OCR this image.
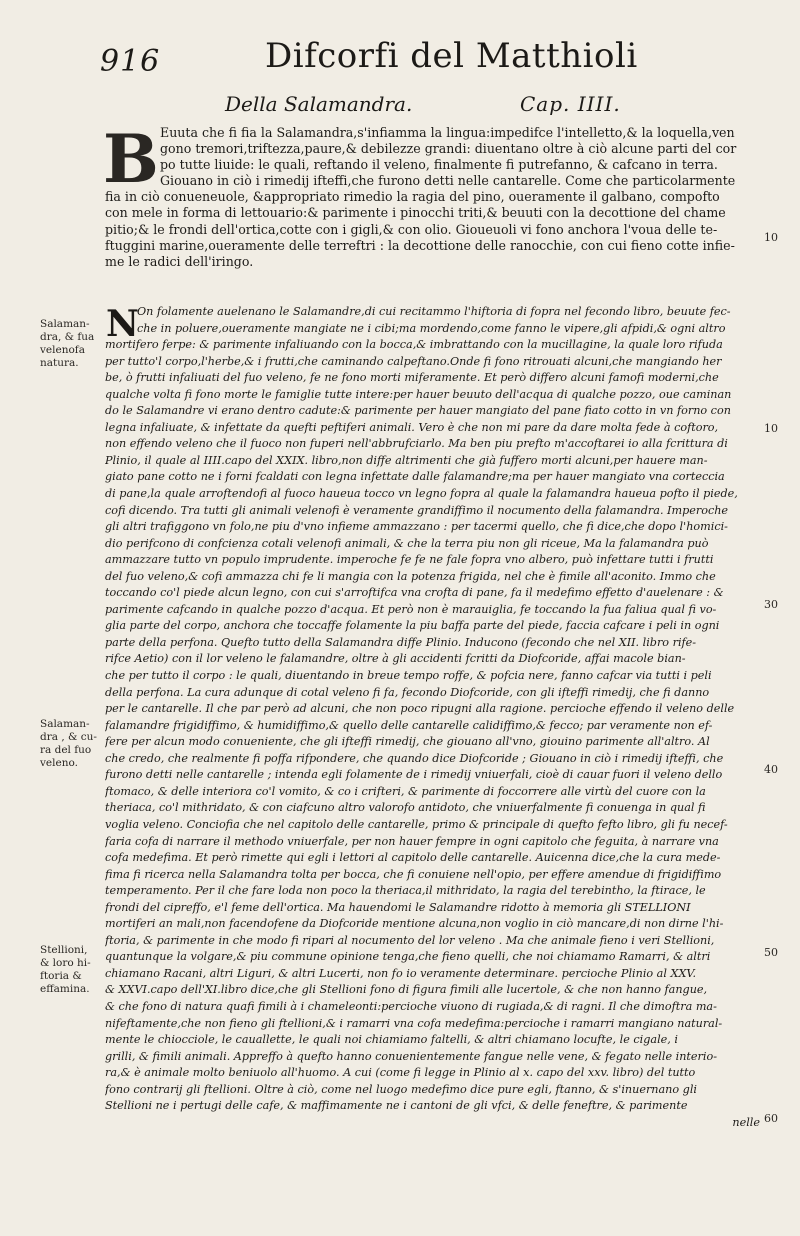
916	Difcorfi del Matthioli
Della Salamandra.	Cap. IIII.
B Euuta che fi fia la Salamandra,s'infiamma la lingua:impedifce l'intelletto,& la loquella,ven
gono tremori,triftezza,paure,& debilezze grandi: diuentano oltre à ciò alcune parti del cor
po tutte liuide: le quali, reftando il veleno, finalmente fi putrefanno, & cafcano in terra.
Giouano in ciò i rimedij ifteffi,che furono detti nelle cantarelle. Come che particolarmente
fia in ciò conueneuole, &appropriato rimedio la ragia del pino, oueramente il galbano, compofto
con mele in forma di lettouario:& parimente i pinocchi triti,& beuuti con la decottione del chame
pitio;& le frondi dell'ortica,cotte con i gigli,& con olio. Gioueuoli vi fono anchora l'voua delle te-
ftuggini marine,oueramente delle terreftri : la decottione delle ranocchie, con cui fieno cotte infie-
me le radici dell'iringo.
N
On folamente auelenano le Salamandre,di cui recitammo l'hiftoria di fopra nel fecondo libro, beuute fec-
che in poluere,oueramente mangiate ne i cibi;ma mordendo,come fanno le vipere,gli afpidi,& ogni altro
mortifero ferpe: & parimente infaliuando con la bocca,& imbrattando con la mucillagine, la quale loro rifuda
per tutto'l corpo,l'herbe,& i frutti,che caminando calpeftano.Onde fi fono ritrouati alcuni,che mangiando her
be, ò frutti infaliuati del fuo veleno, fe ne fono morti miferamente. Et però differo alcuni famofi moderni,che
qualche volta fi fono morte le famiglie tutte intere:per hauer beuuto dell'acqua di qualche pozzo, oue caminan
do le Salamandre vi erano dentro cadute:& parimente per hauer mangiato del pane fiato cotto in vn forno con
legna infaliuate, & infettate da quefti peftiferi animali. Vero è che non mi pare da dare molta fede à coftoro,
non effendo veleno che il fuoco non fuperi nell'abbrufciarlo. Ma ben piu prefto m'accoftarei io alla fcrittura di
Plinio, il quale al IIII.capo del XXIX. libro,non diffe altrimenti che già fuffero morti alcuni,per hauere man-
giato pane cotto ne i forni fcaldati con legna infettate dalle falamandre;ma per hauer mangiato vna corteccia
di pane,la quale arroftendofi al fuoco haueua tocco vn legno fopra al quale la falamandra haueua pofto il piede,
cofi dicendo. Tra tutti gli animali velenofi è veramente grandiffimo il nocumento della falamandra. Imperoche
gli altri trafiggono vn folo,ne piu d'vno infieme ammazzano : per tacermi quello, che fi dice,che dopo l'homici-
dio perifcono di confcienza cotali velenofi animali, & che la terra piu non gli riceue, Ma la falamandra può
ammazzare tutto vn populo imprudente. imperoche fe fe ne fale fopra vno albero, può infettare tutti i frutti
del fuo veleno,& cofi ammazza chi fe li mangia con la potenza frigida, nel che è fimile all'aconito. Immo che
toccando co'l piede alcun legno, con cui s'arroftifca vna crofta di pane, fa il medefimo effetto d'auelenare : &
parimente cafcando in qualche pozzo d'acqua. Et però non è marauiglia, fe toccando la fua faliua qual fi vo-
glia parte del corpo, anchora che toccaffe folamente la piu baffa parte del piede, faccia cafcare i peli in ogni
parte della perfona. Quefto tutto della Salamandra diffe Plinio. Inducono (fecondo che nel XII. libro rife-
rifce Aetio) con il lor veleno le falamandre, oltre à gli accidenti fcritti da Diofcoride, affai macole bian-
che per tutto il corpo : le quali, diuentando in breue tempo roffe, & pofcia nere, fanno cafcar via tutti i peli
della perfona. La cura adunque di cotal veleno fi fa, fecondo Diofcoride, con gli ifteffi rimedij, che fi danno
per le cantarelle. Il che par però ad alcuni, che non poco ripugni alla ragione. percioche effendo il veleno delle
falamandre frigidiffimo, & humidiffimo,& quello delle cantarelle calidiffimo,& fecco; par veramente non ef-
fere per alcun modo conueniente, che gli ifteffi rimedij, che giouano all'vno, giouino parimente all'altro. Al
che credo, che realmente fi poffa rifpondere, che quando dice Diofcoride ; Giouano in ciò i rimedij ifteffi, che
furono detti nelle cantarelle ; intenda egli folamente de i rimedij vniuerfali, cioè di cauar fuori il veleno dello
ftomaco, & delle interiora co'l vomito, & co i crifteri, & parimente di foccorrere alle virtù del cuore con la
theriaca, co'l mithridato, & con ciafcuno altro valorofo antidoto, che vniuerfalmente fi conuenga in qual fi
voglia veleno. Conciofia che nel capitolo delle cantarelle, primo & principale di quefto fefto libro, gli fu necef-
faria cofa di narrare il methodo vniuerfale, per non hauer fempre in ogni capitolo che feguita, à narrare vna
cofa medefima. Et però rimette qui egli i lettori al capitolo delle cantarelle. Auicenna dice,che la cura mede-
fima fi ricerca nella Salamandra tolta per bocca, che fi conuiene nell'opio, per effere amendue di frigidiffimo
temperamento. Per il che fare loda non poco la theriaca,il mithridato, la ragia del terebintho, la ftirace, le
frondi del cipreffo, e'l feme dell'ortica. Ma hauendomi le Salamandre ridotto à memoria gli STELLIONI
mortiferi an mali,non facendofene da Diofcoride mentione alcuna,non voglio in ciò mancare,di non dirne l'hi-
ftoria, & parimente in che modo fi ripari al nocumento del lor veleno . Ma che animale fieno i veri Stellioni,
quantunque la volgare,& piu commune opinione tenga,che fieno quelli, che noi chiamamo Ramarri, & altri
chiamano Racani, altri Liguri, & altri Lucerti, non fo io veramente determinare. percioche Plinio al XXV.
& XXVI.capo dell'XI.libro dice,che gli Stellioni fono di figura fimili alle lucertole, & che non hanno fangue,
& che fono di natura quafi fimili à i chameleonti:percioche viuono di rugiada,& di ragni. Il che dimoftra ma-
nifeftamente,che non fieno gli ftellioni,& i ramarri vna cofa medefima:percioche i ramarri mangiano natural-
mente le chiocciole, le cauallette, le quali noi chiamiamo faltelli, & altri chiamano locufte, le cigale, i
grilli, & fimili animali. Appreffo à quefto hanno conuenientemente fangue nelle vene, & fegato nelle interio-
ra,& è animale molto beniuolo all'huomo. A cui (come fi legge in Plinio al x. capo del xxv. libro) del tutto
fono contrarij gli ftellioni. Oltre à ciò, come nel luogo medefimo dice pure egli, ftanno, & s'inuernano gli
Stellioni ne i pertugi delle cafe, & maffimamente ne i cantoni de gli vfci, & delle feneftre, & parimente
nelle
Salaman-
dra, & fua
velenofa
natura.
Salaman-
dra , & cu-
ra del fuo
veleno.
Stellioni,
& loro hi-
ftoria &
effamina.
10
10
30
40
50
60
